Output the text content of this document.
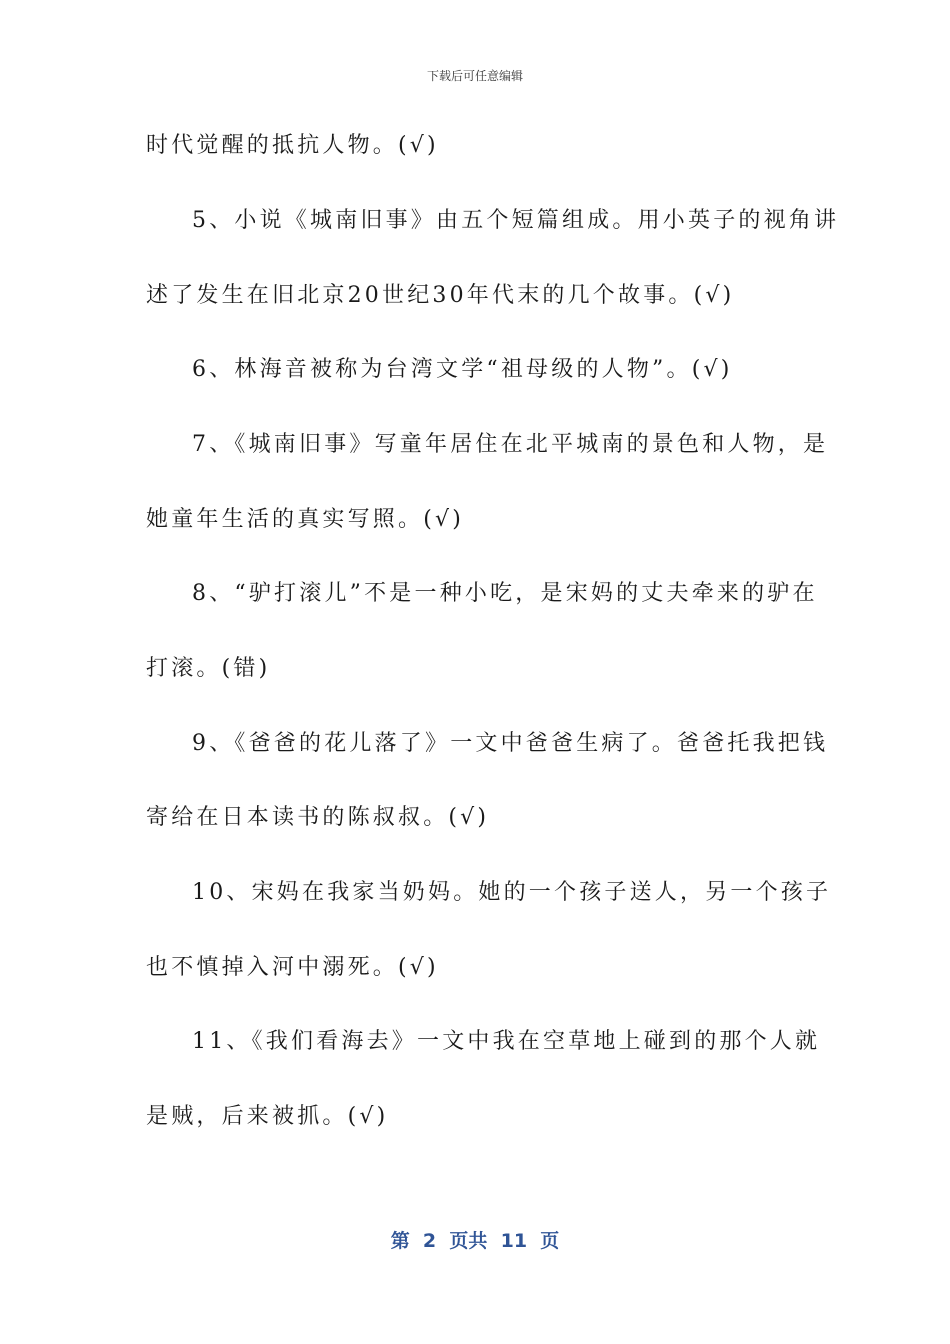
下载后可任意编辑
时代觉醒的抵抗人物。(√)
5、小说《城南旧事》由五个短篇组成。用小英子的视角讲
述了发生在旧北京20世纪30年代末的几个故事。(√)
6、林海音被称为台湾文学“祖母级的人物”。(√)
7、《城南旧事》写童年居住在北平城南的景色和人物，是
她童年生活的真实写照。(√)
8、“驴打滚儿”不是一种小吃，是宋妈的丈夫牵来的驴在
打滚。(错)
9、《爸爸的花儿落了》一文中爸爸生病了。爸爸托我把钱
寄给在日本读书的陈叔叔。(√)
10、宋妈在我家当奶妈。她的一个孩子送人，另一个孩子
也不慎掉入河中溺死。(√)
11、《我们看海去》一文中我在空草地上碰到的那个人就
是贼，后来被抓。(√)
第  2  页共  11  页
